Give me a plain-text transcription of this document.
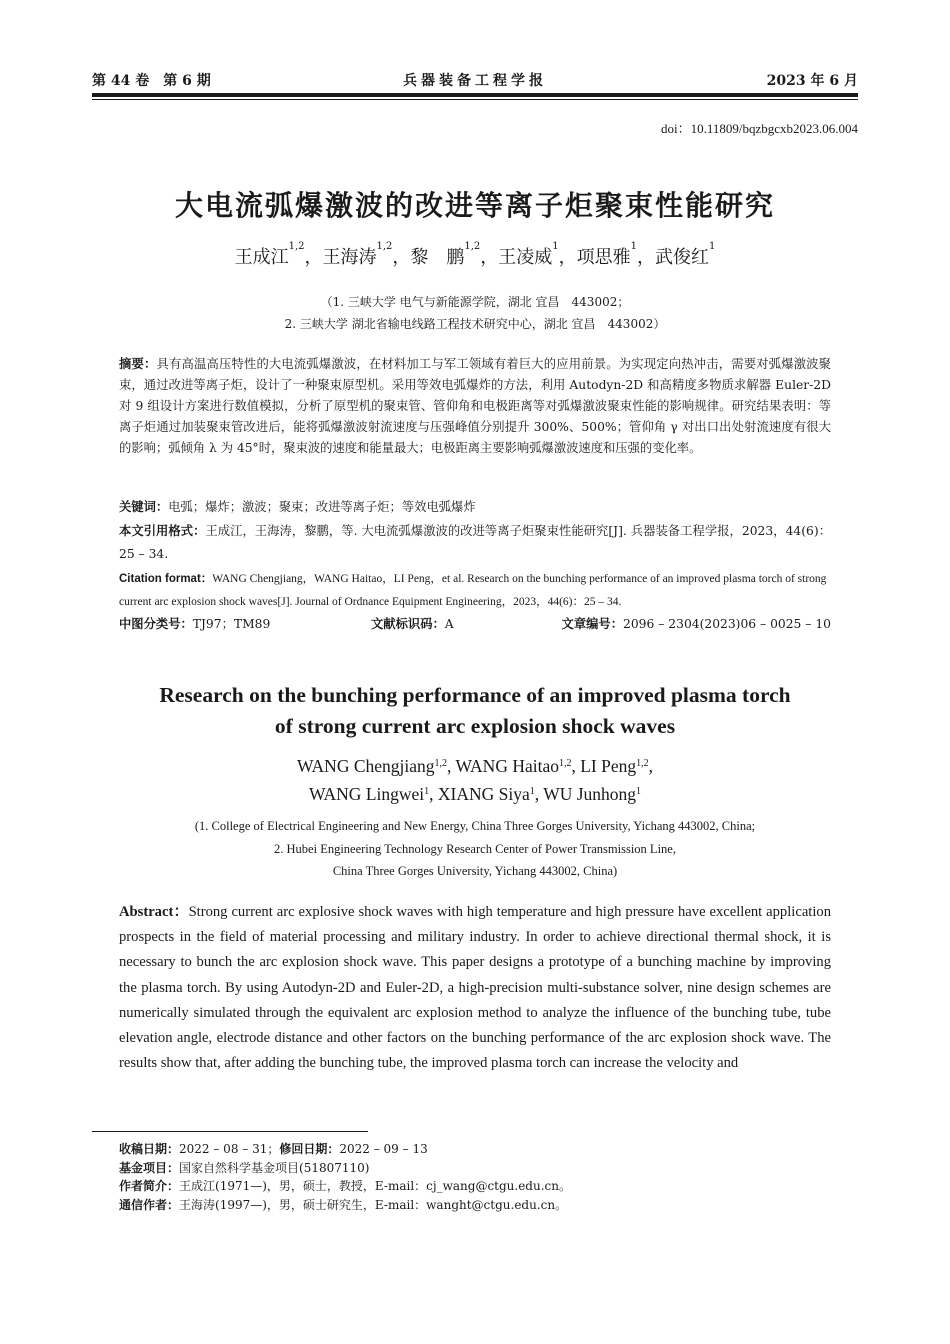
第 44 卷　第 6 期	兵器装备工程学报	2023 年 6 月
doi：10.11809/bqzbgcxb2023.06.004
大电流弧爆激波的改进等离子炬聚束性能研究
王成江$^{1,2}$，王海涛$^{1,2}$，黎　鹏$^{1,2}$，王凌威$^1$，项思雅$^1$，武俊红$^1$
（1. 三峡大学 电气与新能源学院，湖北 宜昌　443002；
2. 三峡大学 湖北省输电线路工程技术研究中心，湖北 宜昌　443002）
摘要：具有高温高压特性的大电流弧爆激波，在材料加工与军工领域有着巨大的应用前景。为实现定向热冲击，需要对弧爆激波聚束，通过改进等离子炬，设计了一种聚束原型机。采用等效电弧爆炸的方法，利用 Autodyn-2D 和高精度多物质求解器 Euler-2D 对 9 组设计方案进行数值模拟，分析了原型机的聚束管、管仰角和电极距离等对弧爆激波聚束性能的影响规律。研究结果表明：等离子炬通过加装聚束管改进后，能将弧爆激波射流速度与压强峰值分别提升 300%、500%；管仰角 γ 对出口出处射流速度有很大的影响；弧倾角 λ 为 45°时，聚束波的速度和能量最大；电极距离主要影响弧爆激波速度和压强的变化率。
关键词：电弧；爆炸；激波；聚束；改进等离子炬；等效电弧爆炸
本文引用格式：王成江，王海涛，黎鹏，等. 大电流弧爆激波的改进等离子炬聚束性能研究[J]. 兵器装备工程学报，2023，44(6)：25 – 34.
Citation format：WANG Chengjiang，WANG Haitao，LI Peng，et al. Research on the bunching performance of an improved plasma torch of strong current arc explosion shock waves[J]. Journal of Ordnance Equipment Engineering，2023，44(6)：25 – 34.
中图分类号：TJ97；TM89	文献标识码：A	文章编号：2096 – 2304(2023)06 – 0025 – 10
Research on the bunching performance of an improved plasma torch
of strong current arc explosion shock waves
WANG Chengjiang$^{1,2}$, WANG Haitao$^{1,2}$, LI Peng$^{1,2}$,
WANG Lingwei$^1$, XIANG Siya$^1$, WU Junhong$^1$
(1. College of Electrical Engineering and New Energy, China Three Gorges University, Yichang 443002, China;
2. Hubei Engineering Technology Research Center of Power Transmission Line,
China Three Gorges University, Yichang 443002, China)
Abstract：Strong current arc explosive shock waves with high temperature and high pressure have excellent application prospects in the field of material processing and military industry. In order to achieve directional thermal shock, it is necessary to bunch the arc explosion shock wave. This paper designs a prototype of a bunching machine by improving the plasma torch. By using Autodyn-2D and Euler-2D, a high-precision multi-substance solver, nine design schemes are numerically simulated through the equivalent arc explosion method to analyze the influence of the bunching tube, tube elevation angle, electrode distance and other factors on the bunching performance of the arc explosion shock wave. The results show that, after adding the bunching tube, the improved plasma torch can increase the velocity and
收稿日期：2022 – 08 – 31；修回日期：2022 – 09 – 13
基金项目：国家自然科学基金项目(51807110)
作者简介：王成江(1971—)，男，硕士，教授，E-mail：cj_wang@ctgu.edu.cn。
通信作者：王海涛(1997—)，男，硕士研究生，E-mail：wanght@ctgu.edu.cn。
